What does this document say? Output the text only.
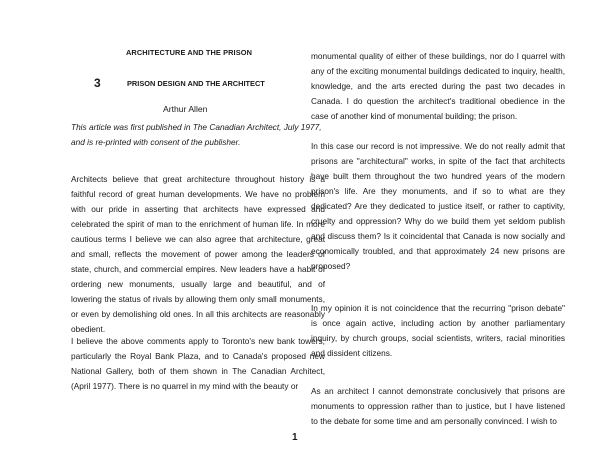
ARCHITECTURE AND THE PRISON
3	PRISON DESIGN AND THE ARCHITECT
Arthur Allen
This article was first published in The Canadian Architect, July 1977, and is re-printed with consent of the publisher.

Architects believe that great architecture throughout history is a faithful record of great human developments. We have no problem with our pride in asserting that architects have expressed and celebrated the spirit of man to the enrichment of human life. In more cautious terms I believe we can also agree that architecture, great and small, reflects the movement of power among the leaders of state, church, and commercial empires. New leaders have a habit of ordering new monuments, usually large and beautiful, and of lowering the status of rivals by allowing them only small monuments, or even by demolishing old ones. In all this architects are reasonably obedient.

I believe the above comments apply to Toronto's new bank towers, particularly the Royal Bank Plaza, and to Canada's proposed new National Gallery, both of them shown in The Canadian Architect, (April 1977). There is no quarrel in my mind with the beauty or

monumental quality of either of these buildings, nor do I quarrel with any of the exciting monumental buildings dedicated to inquiry, health, knowledge, and the arts erected during the past two decades in Canada. I do question the architect's traditional obedience in the case of another kind of monumental building; the prison.

In this case our record is not impressive. We do not really admit that prisons are "architectural" works, in spite of the fact that architects have built them throughout the two hundred years of the modern prison's life. Are they monuments, and if so to what are they dedicated? Are they dedicated to justice itself, or rather to captivity, cruelty and oppression? Why do we build them yet seldom publish and discuss them? Is it coincidental that Canada is now socially and economically troubled, and that approximately 24 new prisons are proposed?

In my opinion it is not coincidence that the recurring "prison debate" is once again active, including action by another parliamentary inquiry, by church groups, social scientists, writers, racial minorities and dissident citizens.

As an architect I cannot demonstrate conclusively that prisons are monuments to oppression rather than to justice, but I have listened to the debate for some time and am personally convinced. I wish to

1
